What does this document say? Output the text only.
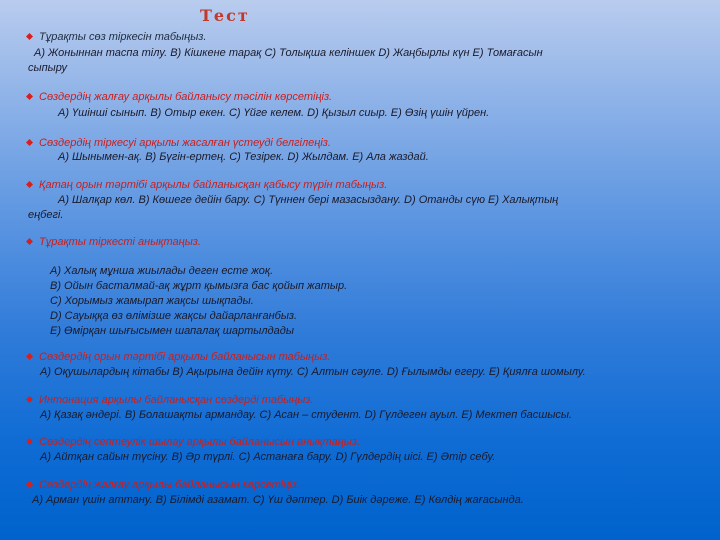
Тест
Тұрақты сөз тіркесін табыңыз.
А) Жоныннан таспа тілу. В) Кішкене тарақ С) Толықша келіншек D) Жаңбырлы күн Е) Томағасын
сыпыру
Сөздердің жалғау арқылы байланысу тәсілін көрсетіңіз.
А) Үшінші сынып. В) Отыр екен. С) Үйге келем. D) Қызыл сиыр. Е) Өзің үшін үйрен.
Сөздердің тіркесуі арқылы жасалған үстеуді белгілеңіз.
А) Шынымен-ақ. В) Бүгін-ертең. С) Тезірек. D) Жылдам. Е) Ала жаздай.
Қатаң орын тәртібі арқылы байланысқан қабысу түрін табыңыз.
А) Шалқар көл. В) Көшеге дейін бару. С) Түннен бері мазасыздану. D) Отанды сүю Е) Халықтың
еңбегі.
Тұрақты тіркесті анықтаңыз.
А) Халық мұнша жиылады деген есте жоқ.
В) Ойын басталмай-ақ жұрт қымызға бас қойып жатыр.
С) Хорымыз жамырап жақсы шықпады.
D) Сауыққа өз өлімізше жақсы дайарланғанбыз.
Е) Өмірқан шығысымен шапалақ шартылдады
Сөздердің орын тәртібі арқылы байланысын табыңыз.
А) Оқушылардың кітабы В) Ақырына дейін күту. С) Алтын сәуле. D) Ғылымды егеру. Е) Қиялға шомылу.
Интонация арқылы байланысқан сөздерді табыңыз.
А) Қазақ әндері. В) Болашақты армандау. С) Асан – студент. D) Гүлдеген ауыл. Е) Мектеп басшысы.
Сөздердің септеулік шылау арқылы байланысын анықтаңыз.
А) Айтқан сайын түсіну. В) Әр түрлі. С) Астанаға бару. D) Гүлдердің иісі. Е) Әтір себу.
Сөздердің жалғау арқылы байланысын көрсетіңіз.
А) Арман үшін аттану. В) Білімді азамат. С) Үш дәптер. D) Биік дәреже. Е) Көлдің жағасында.
